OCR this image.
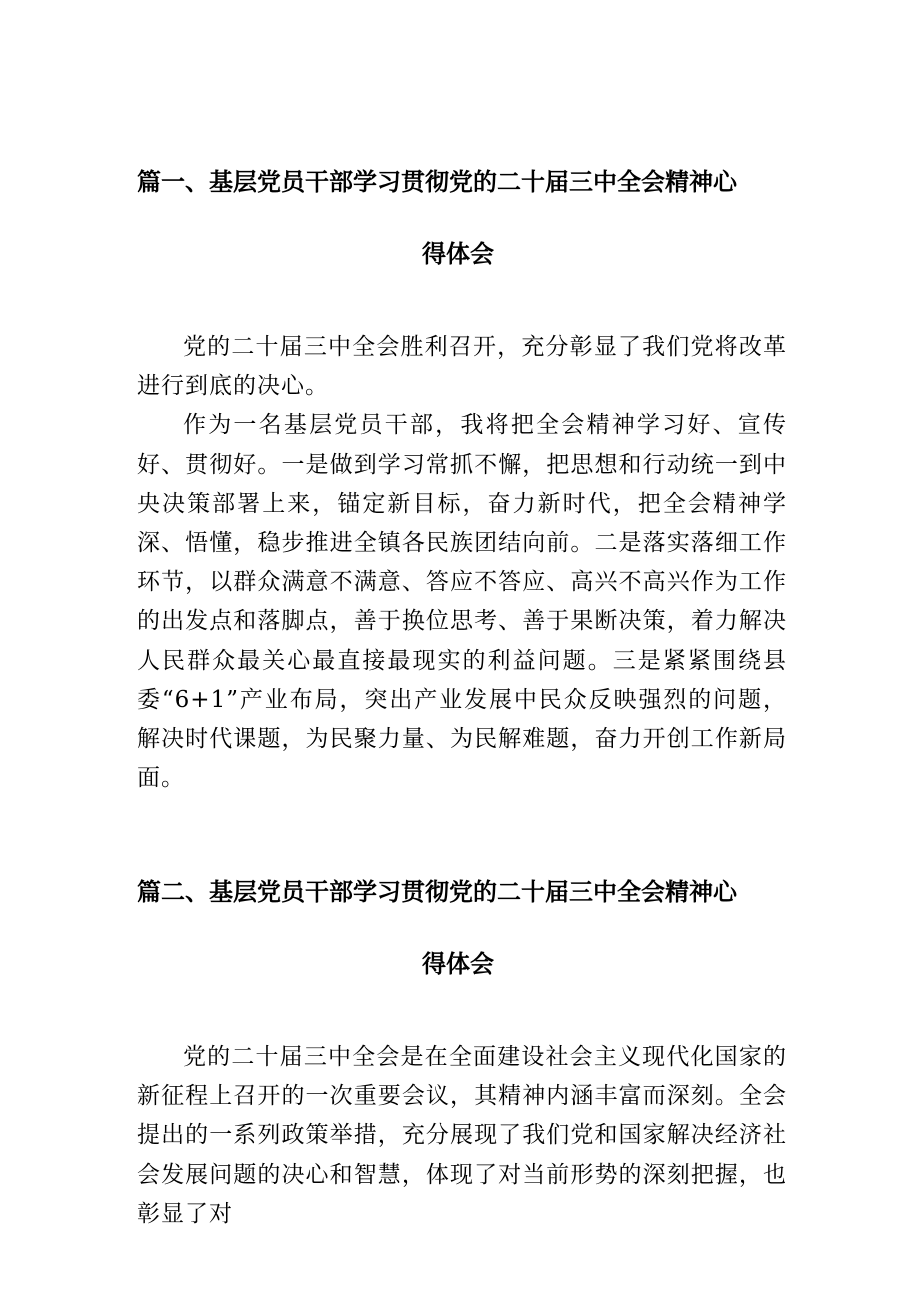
篇一、基层党员干部学习贯彻党的二十届三中全会精神心
得体会

党的二十届三中全会胜利召开，充分彰显了我们党将改革进行到底的决心。

作为一名基层党员干部，我将把全会精神学习好、宣传好、贯彻好。一是做到学习常抓不懈，把思想和行动统一到中央决策部署上来，锚定新目标，奋力新时代，把全会精神学深、悟懂，稳步推进全镇各民族团结向前。二是落实落细工作环节，以群众满意不满意、答应不答应、高兴不高兴作为工作的出发点和落脚点，善于换位思考、善于果断决策，着力解决人民群众最关心最直接最现实的利益问题。三是紧紧围绕县委“6+1”产业布局，突出产业发展中民众反映强烈的问题，解决时代课题，为民聚力量、为民解难题，奋力开创工作新局面。

篇二、基层党员干部学习贯彻党的二十届三中全会精神心
得体会

党的二十届三中全会是在全面建设社会主义现代化国家的新征程上召开的一次重要会议，其精神内涵丰富而深刻。全会提出的一系列政策举措，充分展现了我们党和国家解决经济社会发展问题的决心和智慧，体现了对当前形势的深刻把握，也彰显了对
